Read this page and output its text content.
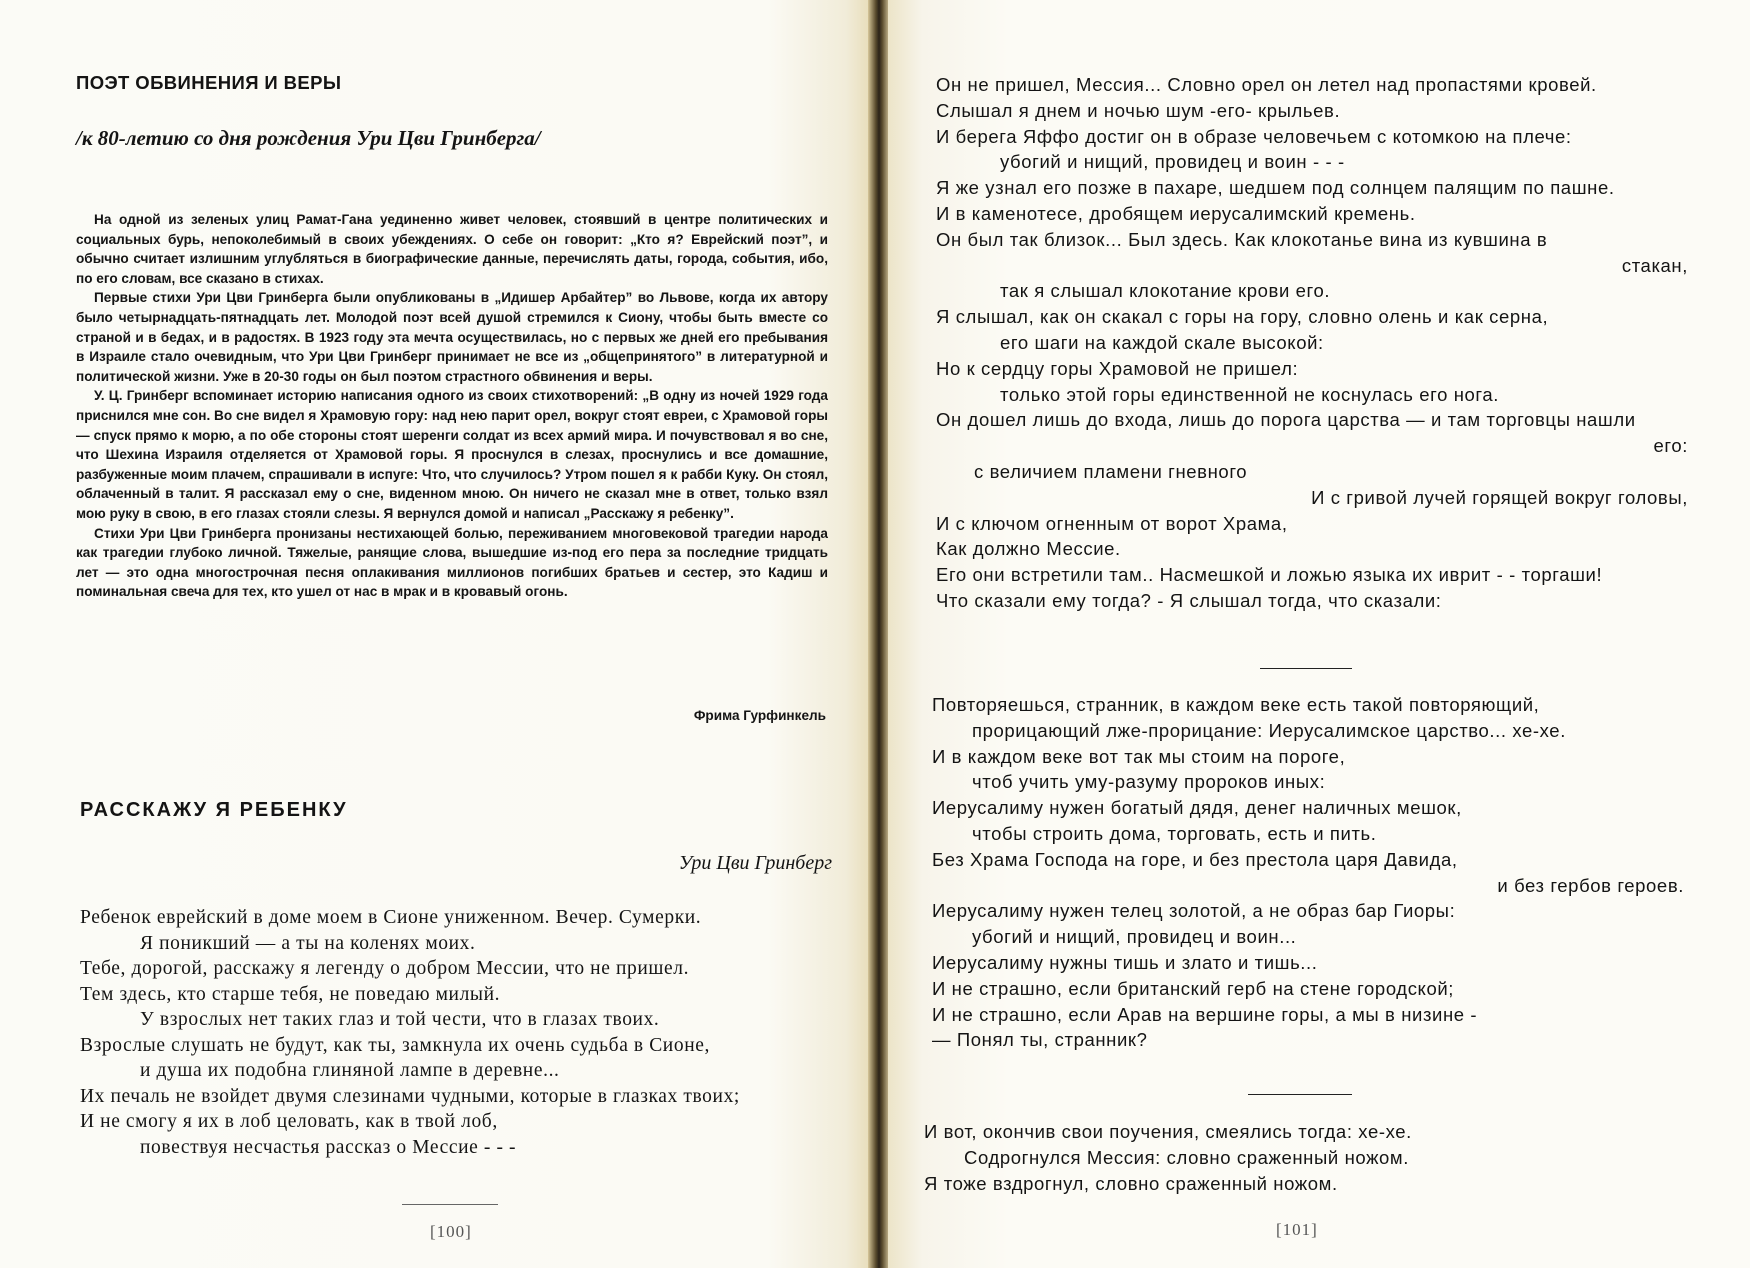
ПОЭТ ОБВИНЕНИЯ И ВЕРЫ
/к 80-летию со дня рождения Ури Цви Гринберга/

На одной из зеленых улиц Рамат-Гана уединенно живет человек, стоявший в центре политических и социальных бурь, непоколебимый в своих убеждениях. О себе он говорит: „Кто я? Еврейский поэт”, и обычно считает излишним углубляться в биографические данные, перечислять даты, города, события, ибо, по его словам, все сказано в стихах.

Первые стихи Ури Цви Гринберга были опубликованы в „Идишер Арбайтер” во Львове, когда их автору было четырнадцать-пятнадцать лет. Молодой поэт всей душой стремился к Сиону, чтобы быть вместе со страной и в бедах, и в радостях. В 1923 году эта мечта осуществилась, но с первых же дней его пребывания в Израиле стало очевидным, что Ури Цви Гринберг принимает не все из „общепринятого” в литературной и политической жизни. Уже в 20-30 годы он был поэтом страстного обвинения и веры.

У. Ц. Гринберг вспоминает историю написания одного из своих стихотворений: „В одну из ночей 1929 года приснился мне сон. Во сне видел я Храмовую гору: над нею парит орел, вокруг стоят евреи, с Храмовой горы — спуск прямо к морю, а по обе стороны стоят шеренги солдат из всех армий мира. И почувствовал я во сне, что Шехина Израиля отделяется от Храмовой горы. Я проснулся в слезах, проснулись и все домашние, разбуженные моим плачем, спрашивали в испуге: Что, что случилось? Утром пошел я к рабби Куку. Он стоял, облаченный в талит. Я рассказал ему о сне, виденном мною. Он ничего не сказал мне в ответ, только взял мою руку в свою, в его глазах стояли слезы. Я вернулся домой и написал „Расскажу я ребенку”.

Стихи Ури Цви Гринберга пронизаны нестихающей болью, переживанием многовековой трагедии народа как трагедии глубоко личной. Тяжелые, ранящие слова, вышедшие из-под его пера за последние тридцать лет — это одна многострочная песня оплакивания миллионов погибших братьев и сестер, это Кадиш и поминальная свеча для тех, кто ушел от нас в мрак и в кровавый огонь.

Фрима Гурфинкель
РАССКАЖУ Я РЕБЕНКУ
Ури Цви Гринберг
Ребенок еврейский в доме моем в Сионе униженном. Вечер. Сумерки.
Я поникший — а ты на коленях моих.
Тебе, дорогой, расскажу я легенду о добром Мессии, что не пришел.
Тем здесь, кто старше тебя, не поведаю милый.
У взрослых нет таких глаз и той чести, что в глазах твоих.
Взрослые слушать не будут, как ты, замкнула их очень судьба в Сионе,
и душа их подобна глиняной лампе в деревне...
Их печаль не взойдет двумя слезинами чудными, которые в глазках твоих;
И не смогу я их в лоб целовать, как в твой лоб,
повествуя несчастья рассказ о Мессие - - -
[100]
Он не пришел, Мессия... Словно орел он летел над пропастями кровей.
Слышал я днем и ночью шум -его- крыльев.
И берега Яффо достиг он в образе человечьем с котомкою на плече:
убогий и нищий, провидец и воин - - -
Я же узнал его позже в пахаре, шедшем под солнцем палящим по пашне.
И в каменотесе, дробящем иерусалимский кремень.
Он был так близок... Был здесь. Как клокотанье вина из кувшина в
стакан,
так я слышал клокотание крови его.
Я слышал, как он скакал с горы на гору, словно олень и как серна,
его шаги на каждой скале высокой:
Но к сердцу горы Храмовой не пришел:
только этой горы единственной не коснулась его нога.
Он дошел лишь до входа, лишь до порога царства — и там торговцы нашли
его:
с величием пламени гневного
И с гривой лучей горящей вокруг головы,
И с ключом огненным от ворот Храма,
Как должно Мессие.
Его они встретили там.. Насмешкой и ложью языка их иврит - - торгаши!
Что сказали ему тогда? - Я слышал тогда, что сказали:
Повторяешься, странник, в каждом веке есть такой повторяющий,
прорицающий лже-прорицание: Иерусалимское царство... хе-хе.
И в каждом веке вот так мы стоим на пороге,
чтоб учить уму-разуму пророков иных:
Иерусалиму нужен богатый дядя, денег наличных мешок,
чтобы строить дома, торговать, есть и пить.
Без Храма Господа на горе, и без престола царя Давида,
и без гербов героев.
Иерусалиму нужен телец золотой, а не образ бар Гиоры:
убогий и нищий, провидец и воин...
Иерусалиму нужны тишь и злато и тишь...
И не страшно, если британский герб на стене городской;
И не страшно, если Арав на вершине горы, а мы в низине -
— Понял ты, странник?
И вот, окончив свои поучения, смеялись тогда: хе-хе.
Содрогнулся Мессия: словно сраженный ножом.
Я тоже вздрогнул, словно сраженный ножом.
[101]
